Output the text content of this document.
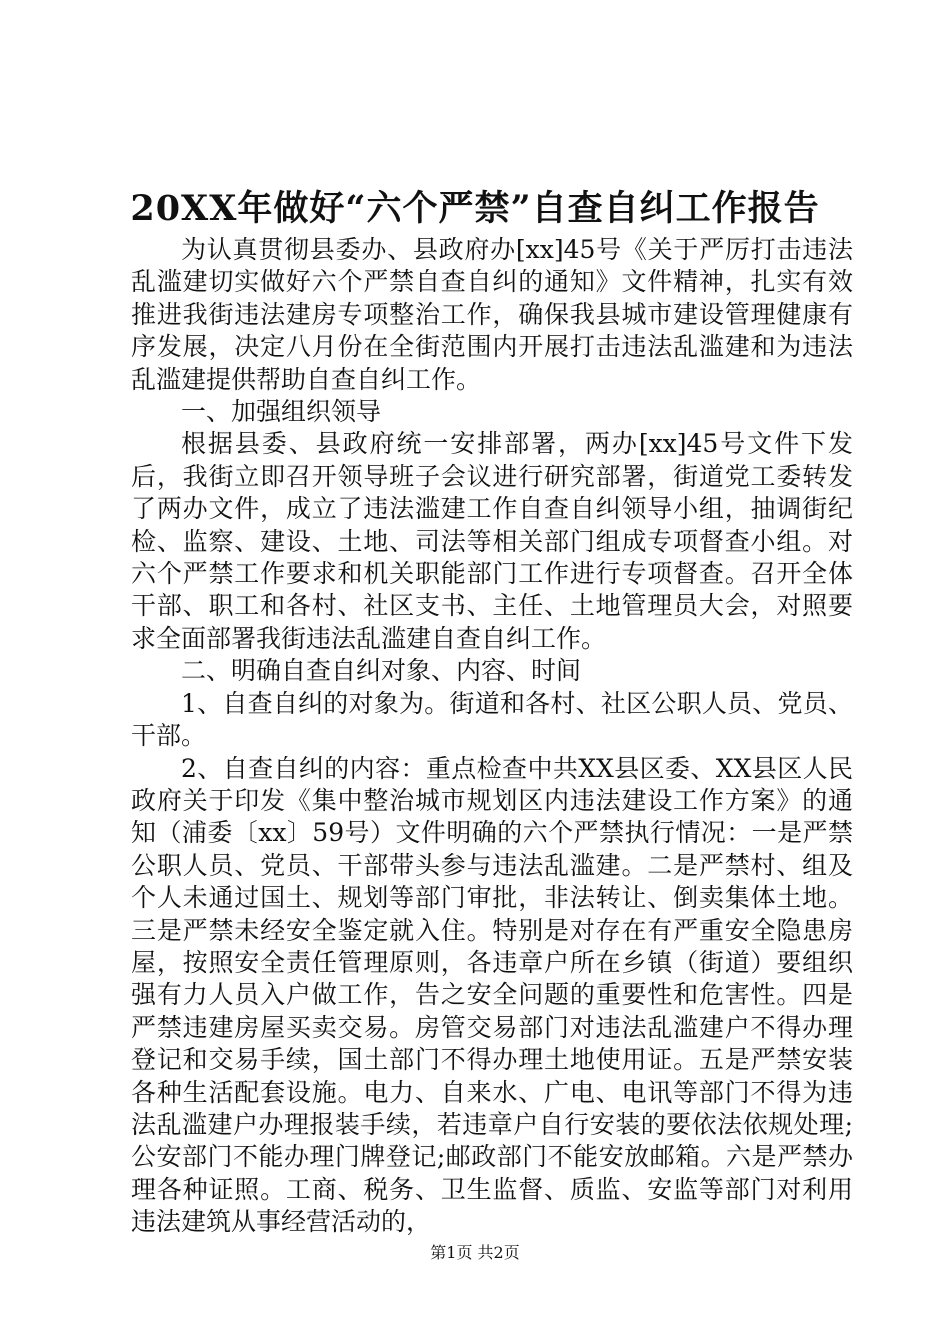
20XX年做好“六个严禁”自查自纠工作报告

为认真贯彻县委办、县政府办[xx]45号《关于严厉打击违法乱滥建切实做好六个严禁自查自纠的通知》文件精神，扎实有效推进我街违法建房专项整治工作，确保我县城市建设管理健康有序发展，决定八月份在全街范围内开展打击违法乱滥建和为违法乱滥建提供帮助自查自纠工作。

一、加强组织领导

根据县委、县政府统一安排部署，两办[xx]45号文件下发后，我街立即召开领导班子会议进行研究部署，街道党工委转发了两办文件，成立了违法滥建工作自查自纠领导小组，抽调街纪检、监察、建设、土地、司法等相关部门组成专项督查小组。对六个严禁工作要求和机关职能部门工作进行专项督查。召开全体干部、职工和各村、社区支书、主任、土地管理员大会，对照要求全面部署我街违法乱滥建自查自纠工作。

二、明确自查自纠对象、内容、时间

1、自查自纠的对象为。街道和各村、社区公职人员、党员、干部。

2、自查自纠的内容：重点检查中共XX县区委、XX县区人民政府关于印发《集中整治城市规划区内违法建设工作方案》的通知（浦委〔xx〕59号）文件明确的六个严禁执行情况：一是严禁公职人员、党员、干部带头参与违法乱滥建。二是严禁村、组及个人未通过国土、规划等部门审批，非法转让、倒卖集体土地。三是严禁未经安全鉴定就入住。特别是对存在有严重安全隐患房屋，按照安全责任管理原则，各违章户所在乡镇（街道）要组织强有力人员入户做工作，告之安全问题的重要性和危害性。四是严禁违建房屋买卖交易。房管交易部门对违法乱滥建户不得办理登记和交易手续，国土部门不得办理土地使用证。五是严禁安装各种生活配套设施。电力、自来水、广电、电讯等部门不得为违法乱滥建户办理报装手续，若违章户自行安装的要依法依规处理;公安部门不能办理门牌登记;邮政部门不能安放邮箱。六是严禁办理各种证照。工商、税务、卫生监督、质监、安监等部门对利用违法建筑从事经营活动的，

第1页 共2页
